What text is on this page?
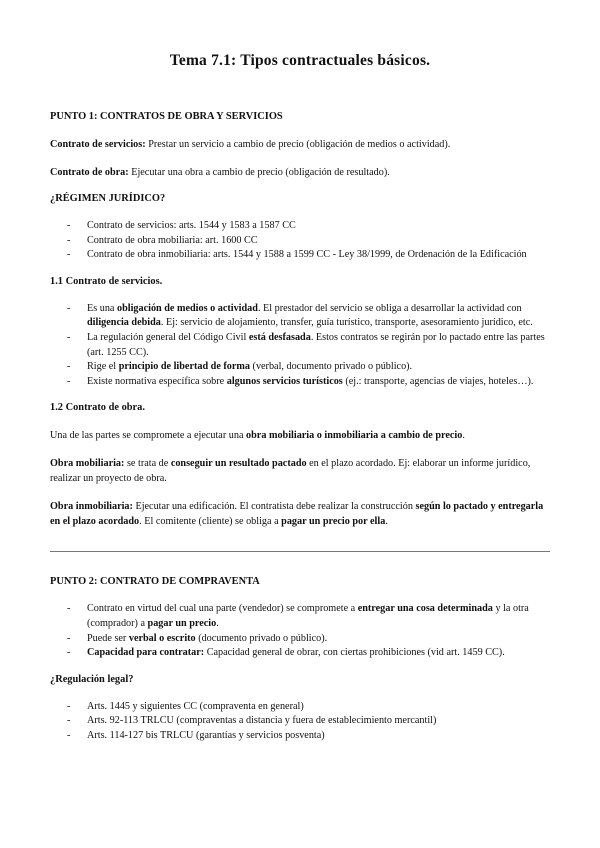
Tema 7.1: Tipos contractuales básicos.
PUNTO 1: CONTRATOS DE OBRA Y SERVICIOS

Contrato de servicios: Prestar un servicio a cambio de precio (obligación de medios o actividad).

Contrato de obra: Ejecutar una obra a cambio de precio (obligación de resultado).

¿RÉGIMEN JURÍDICO?
- Contrato de servicios: arts. 1544 y 1583 a 1587 CC
- Contrato de obra mobiliaria: art. 1600 CC
- Contrato de obra inmobiliaria: arts. 1544 y 1588 a 1599 CC - Ley 38/1999, de Ordenación de la Edificación
1.1 Contrato de servicios.
- Es una obligación de medios o actividad. El prestador del servicio se obliga a desarrollar la actividad con diligencia debida. Ej: servicio de alojamiento, transfer, guía turístico, transporte, asesoramiento jurídico, etc.
- La regulación general del Código Civil está desfasada. Estos contratos se regirán por lo pactado entre las partes (art. 1255 CC).
- Rige el principio de libertad de forma (verbal, documento privado o público).
- Existe normativa específica sobre algunos servicios turísticos (ej.: transporte, agencias de viajes, hoteles…).
1.2 Contrato de obra.

Una de las partes se compromete a ejecutar una obra mobiliaria o inmobiliaria a cambio de precio.

Obra mobiliaria: se trata de conseguir un resultado pactado en el plazo acordado. Ej: elaborar un informe jurídico, realizar un proyecto de obra.

Obra inmobiliaria: Ejecutar una edificación. El contratista debe realizar la construcción según lo pactado y entregarla en el plazo acordado. El comitente (cliente) se obliga a pagar un precio por ella.

PUNTO 2: CONTRATO DE COMPRAVENTA
- Contrato en virtud del cual una parte (vendedor) se compromete a entregar una cosa determinada y la otra (comprador) a pagar un precio.
- Puede ser verbal o escrito (documento privado o público).
- Capacidad para contratar: Capacidad general de obrar, con ciertas prohibiciones (vid art. 1459 CC).
¿Regulación legal?
- Arts. 1445 y siguientes CC (compraventa en general)
- Arts. 92-113 TRLCU (compraventas a distancia y fuera de establecimiento mercantil)
- Arts. 114-127 bis TRLCU (garantías y servicios posventa)
